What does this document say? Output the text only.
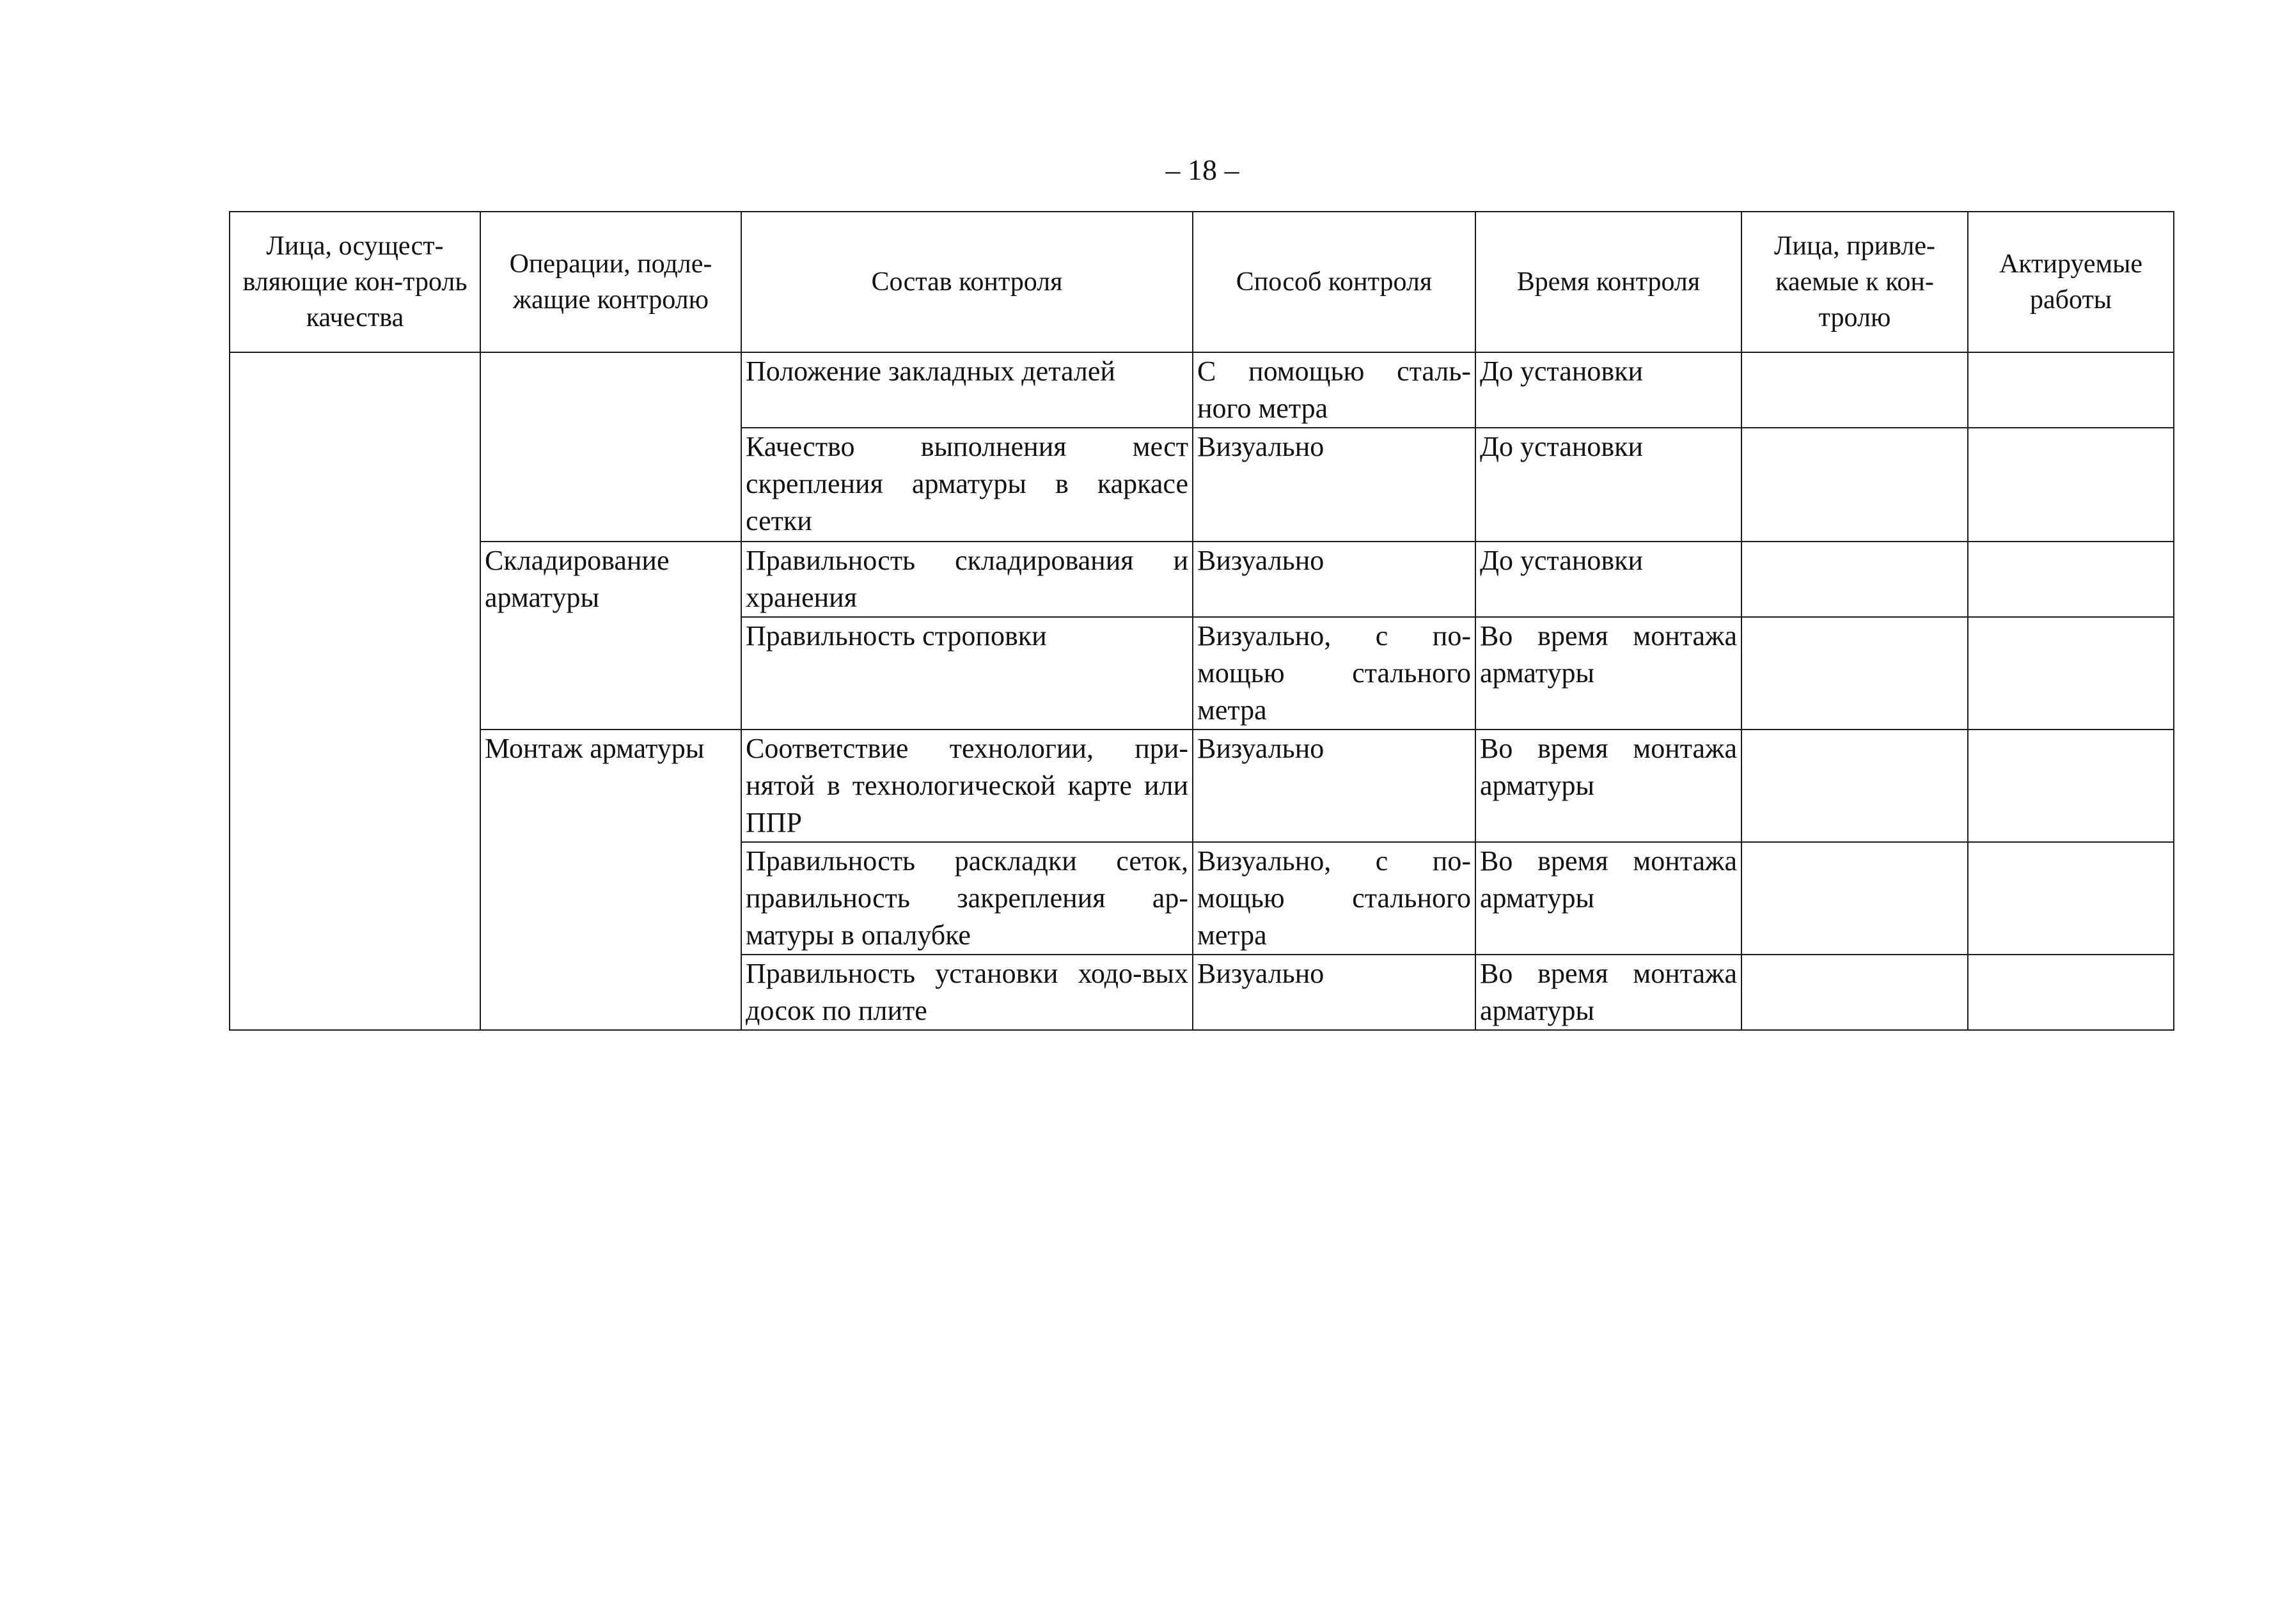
– 18 –
Лица, осущест-вляющие кон-троль качества	Операции, подле-жащие контролю	Состав контроля	Способ контроля	Время контроля	Лица, привле-каемые к кон-тролю	Актируемые работы
		Положение закладных деталей	С помощью сталь-ного метра	До установки		
		Качество выполнения мест скрепления арматуры в каркасе сетки	Визуально	До установки		
	Складирование арматуры	Правильность складирования и хранения	Визуально	До установки		
		Правильность строповки	Визуально, с по-мощью стального метра	Во время монтажа арматуры		
	Монтаж арматуры	Соответствие технологии, при-нятой в технологической карте или ППР	Визуально	Во время монтажа арматуры		
		Правильность раскладки сеток, правильность закрепления ар-матуры в опалубке	Визуально, с по-мощью стального метра	Во время монтажа арматуры		
		Правильность установки ходо-вых досок по плите	Визуально	Во время монтажа арматуры		
